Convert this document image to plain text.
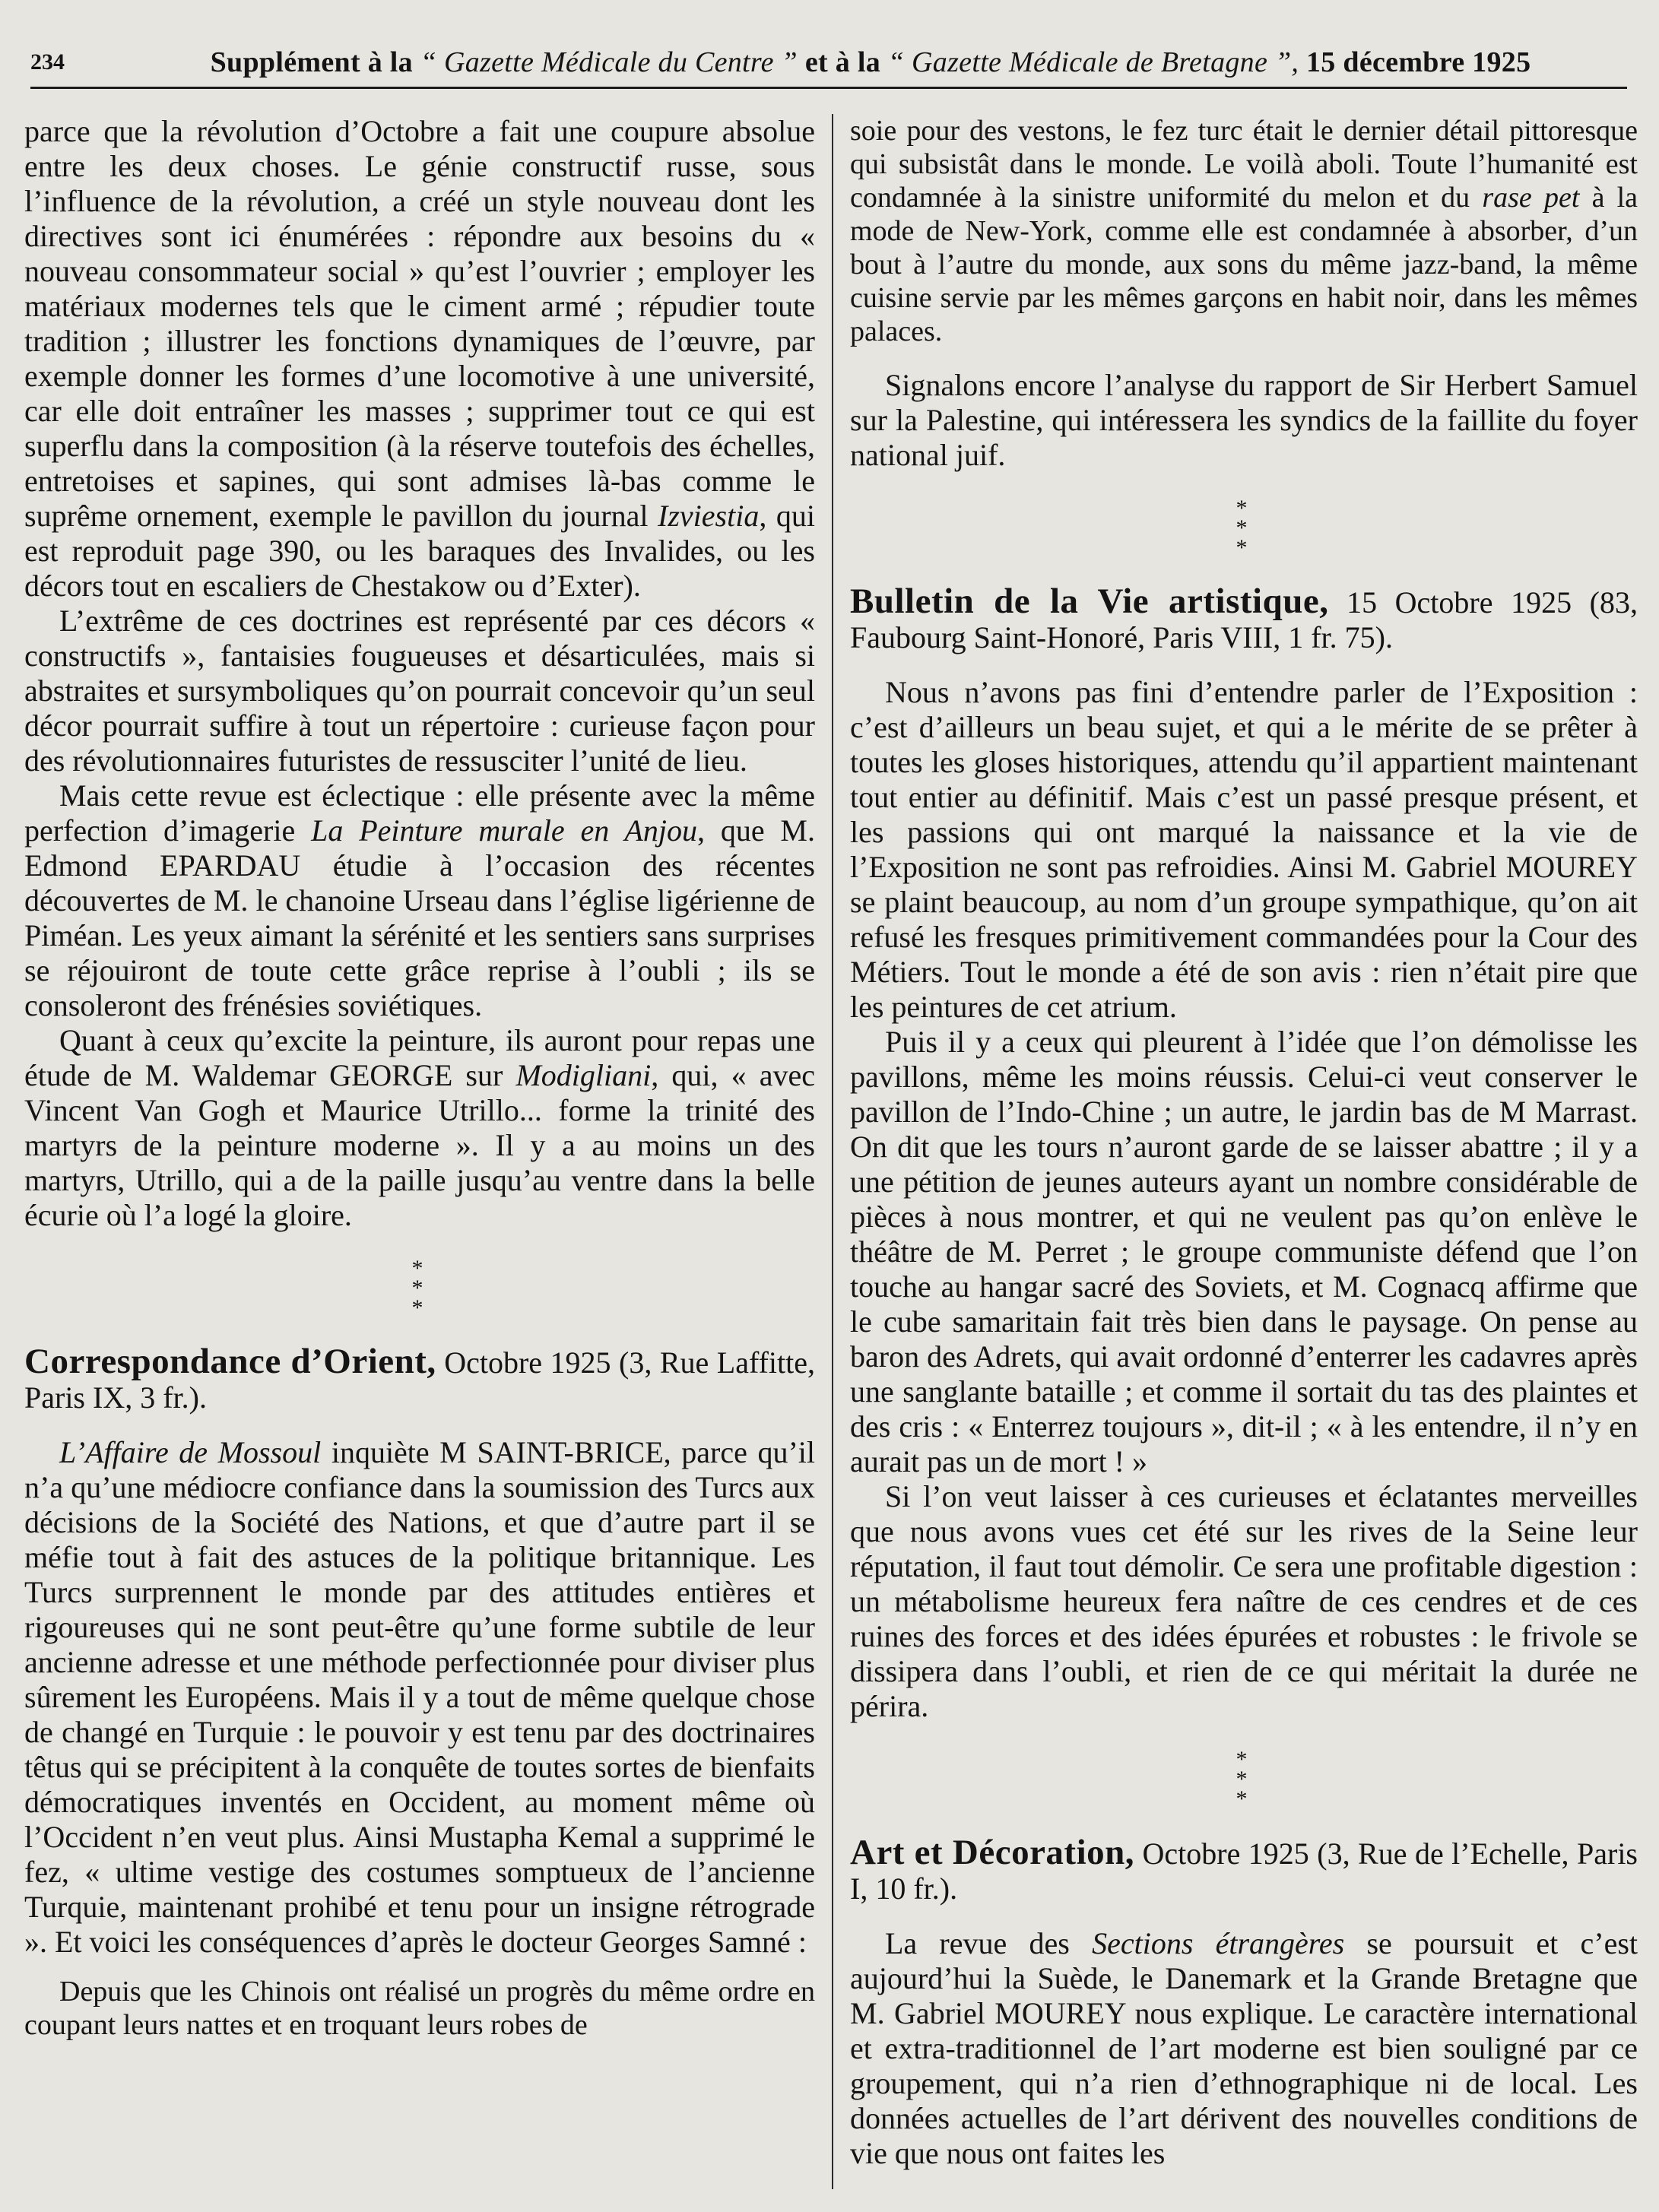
234	Supplément à la “ Gazette Médicale du Centre ” et à la “ Gazette Médicale de Bretagne ”, 15 décembre 1925

parce que la révolution d’Octobre a fait une coupure absolue entre les deux choses. Le génie constructif russe, sous l’influence de la révolution, a créé un style nouveau dont les directives sont ici énumérées : répondre aux besoins du « nouveau consommateur social » qu’est l’ouvrier ; employer les matériaux modernes tels que le ciment armé ; répudier toute tradition ; illustrer les fonctions dynamiques de l’œuvre, par exemple donner les formes d’une locomotive à une université, car elle doit entraîner les masses ; supprimer tout ce qui est superflu dans la composition (à la réserve toutefois des échelles, entretoises et sapines, qui sont admises là-bas comme le suprême ornement, exemple le pavillon du journal Izviestia, qui est reproduit page 390, ou les baraques des Invalides, ou les décors tout en escaliers de Chestakow ou d’Exter).

L’extrême de ces doctrines est représenté par ces décors « constructifs », fantaisies fougueuses et désarticulées, mais si abstraites et sursymboliques qu’on pourrait concevoir qu’un seul décor pourrait suffire à tout un répertoire : curieuse façon pour des révolutionnaires futuristes de ressusciter l’unité de lieu.

Mais cette revue est éclectique : elle présente avec la même perfection d’imagerie La Peinture murale en Anjou, que M. Edmond EPARDAU étudie à l’occasion des récentes découvertes de M. le chanoine Urseau dans l’église ligérienne de Piméan. Les yeux aimant la sérénité et les sentiers sans surprises se réjouiront de toute cette grâce reprise à l’oubli ; ils se consoleront des frénésies soviétiques.

Quant à ceux qu’excite la peinture, ils auront pour repas une étude de M. Waldemar GEORGE sur Modigliani, qui, « avec Vincent Van Gogh et Maurice Utrillo... forme la trinité des martyrs de la peinture moderne ». Il y a au moins un des martyrs, Utrillo, qui a de la paille jusqu’au ventre dans la belle écurie où l’a logé la gloire.

*
*
*

Correspondance d’Orient, Octobre 1925 (3, Rue Laffitte, Paris IX, 3 fr.).

L’Affaire de Mossoul inquiète M SAINT-BRICE, parce qu’il n’a qu’une médiocre confiance dans la soumission des Turcs aux décisions de la Société des Nations, et que d’autre part il se méfie tout à fait des astuces de la politique britannique. Les Turcs surprennent le monde par des attitudes entières et rigoureuses qui ne sont peut-être qu’une forme subtile de leur ancienne adresse et une méthode perfectionnée pour diviser plus sûrement les Européens. Mais il y a tout de même quelque chose de changé en Turquie : le pouvoir y est tenu par des doctrinaires têtus qui se précipitent à la conquête de toutes sortes de bienfaits démocratiques inventés en Occident, au moment même où l’Occident n’en veut plus. Ainsi Mustapha Kemal a supprimé le fez, « ultime vestige des costumes somptueux de l’ancienne Turquie, maintenant prohibé et tenu pour un insigne rétrograde ». Et voici les conséquences d’après le docteur Georges Samné :

Depuis que les Chinois ont réalisé un progrès du même ordre en coupant leurs nattes et en troquant leurs robes de

soie pour des vestons, le fez turc était le dernier détail pittoresque qui subsistât dans le monde. Le voilà aboli. Toute l’humanité est condamnée à la sinistre uniformité du melon et du rase pet à la mode de New-York, comme elle est condamnée à absorber, d’un bout à l’autre du monde, aux sons du même jazz-band, la même cuisine servie par les mêmes garçons en habit noir, dans les mêmes palaces.

Signalons encore l’analyse du rapport de Sir Herbert Samuel sur la Palestine, qui intéressera les syndics de la faillite du foyer national juif.

*
*
*

Bulletin de la Vie artistique, 15 Octobre 1925 (83, Faubourg Saint-Honoré, Paris VIII, 1 fr. 75).

Nous n’avons pas fini d’entendre parler de l’Exposition : c’est d’ailleurs un beau sujet, et qui a le mérite de se prêter à toutes les gloses historiques, attendu qu’il appartient maintenant tout entier au définitif. Mais c’est un passé presque présent, et les passions qui ont marqué la naissance et la vie de l’Exposition ne sont pas refroidies. Ainsi M. Gabriel MOUREY se plaint beaucoup, au nom d’un groupe sympathique, qu’on ait refusé les fresques primitivement commandées pour la Cour des Métiers. Tout le monde a été de son avis : rien n’était pire que les peintures de cet atrium.

Puis il y a ceux qui pleurent à l’idée que l’on démolisse les pavillons, même les moins réussis. Celui-ci veut conserver le pavillon de l’Indo-Chine ; un autre, le jardin bas de M Marrast. On dit que les tours n’auront garde de se laisser abattre ; il y a une pétition de jeunes auteurs ayant un nombre considérable de pièces à nous montrer, et qui ne veulent pas qu’on enlève le théâtre de M. Perret ; le groupe communiste défend que l’on touche au hangar sacré des Soviets, et M. Cognacq affirme que le cube samaritain fait très bien dans le paysage. On pense au baron des Adrets, qui avait ordonné d’enterrer les cadavres après une sanglante bataille ; et comme il sortait du tas des plaintes et des cris : « Enterrez toujours », dit-il ; « à les entendre, il n’y en aurait pas un de mort ! »

Si l’on veut laisser à ces curieuses et éclatantes merveilles que nous avons vues cet été sur les rives de la Seine leur réputation, il faut tout démolir. Ce sera une profitable digestion : un métabolisme heureux fera naître de ces cendres et de ces ruines des forces et des idées épurées et robustes : le frivole se dissipera dans l’oubli, et rien de ce qui méritait la durée ne périra.

*
*
*

Art et Décoration, Octobre 1925 (3, Rue de l’Echelle, Paris I, 10 fr.).

La revue des Sections étrangères se poursuit et c’est aujourd’hui la Suède, le Danemark et la Grande Bretagne que M. Gabriel MOUREY nous explique. Le caractère international et extra-traditionnel de l’art moderne est bien souligné par ce groupement, qui n’a rien d’ethnographique ni de local. Les données actuelles de l’art dérivent des nouvelles conditions de vie que nous ont faites les
